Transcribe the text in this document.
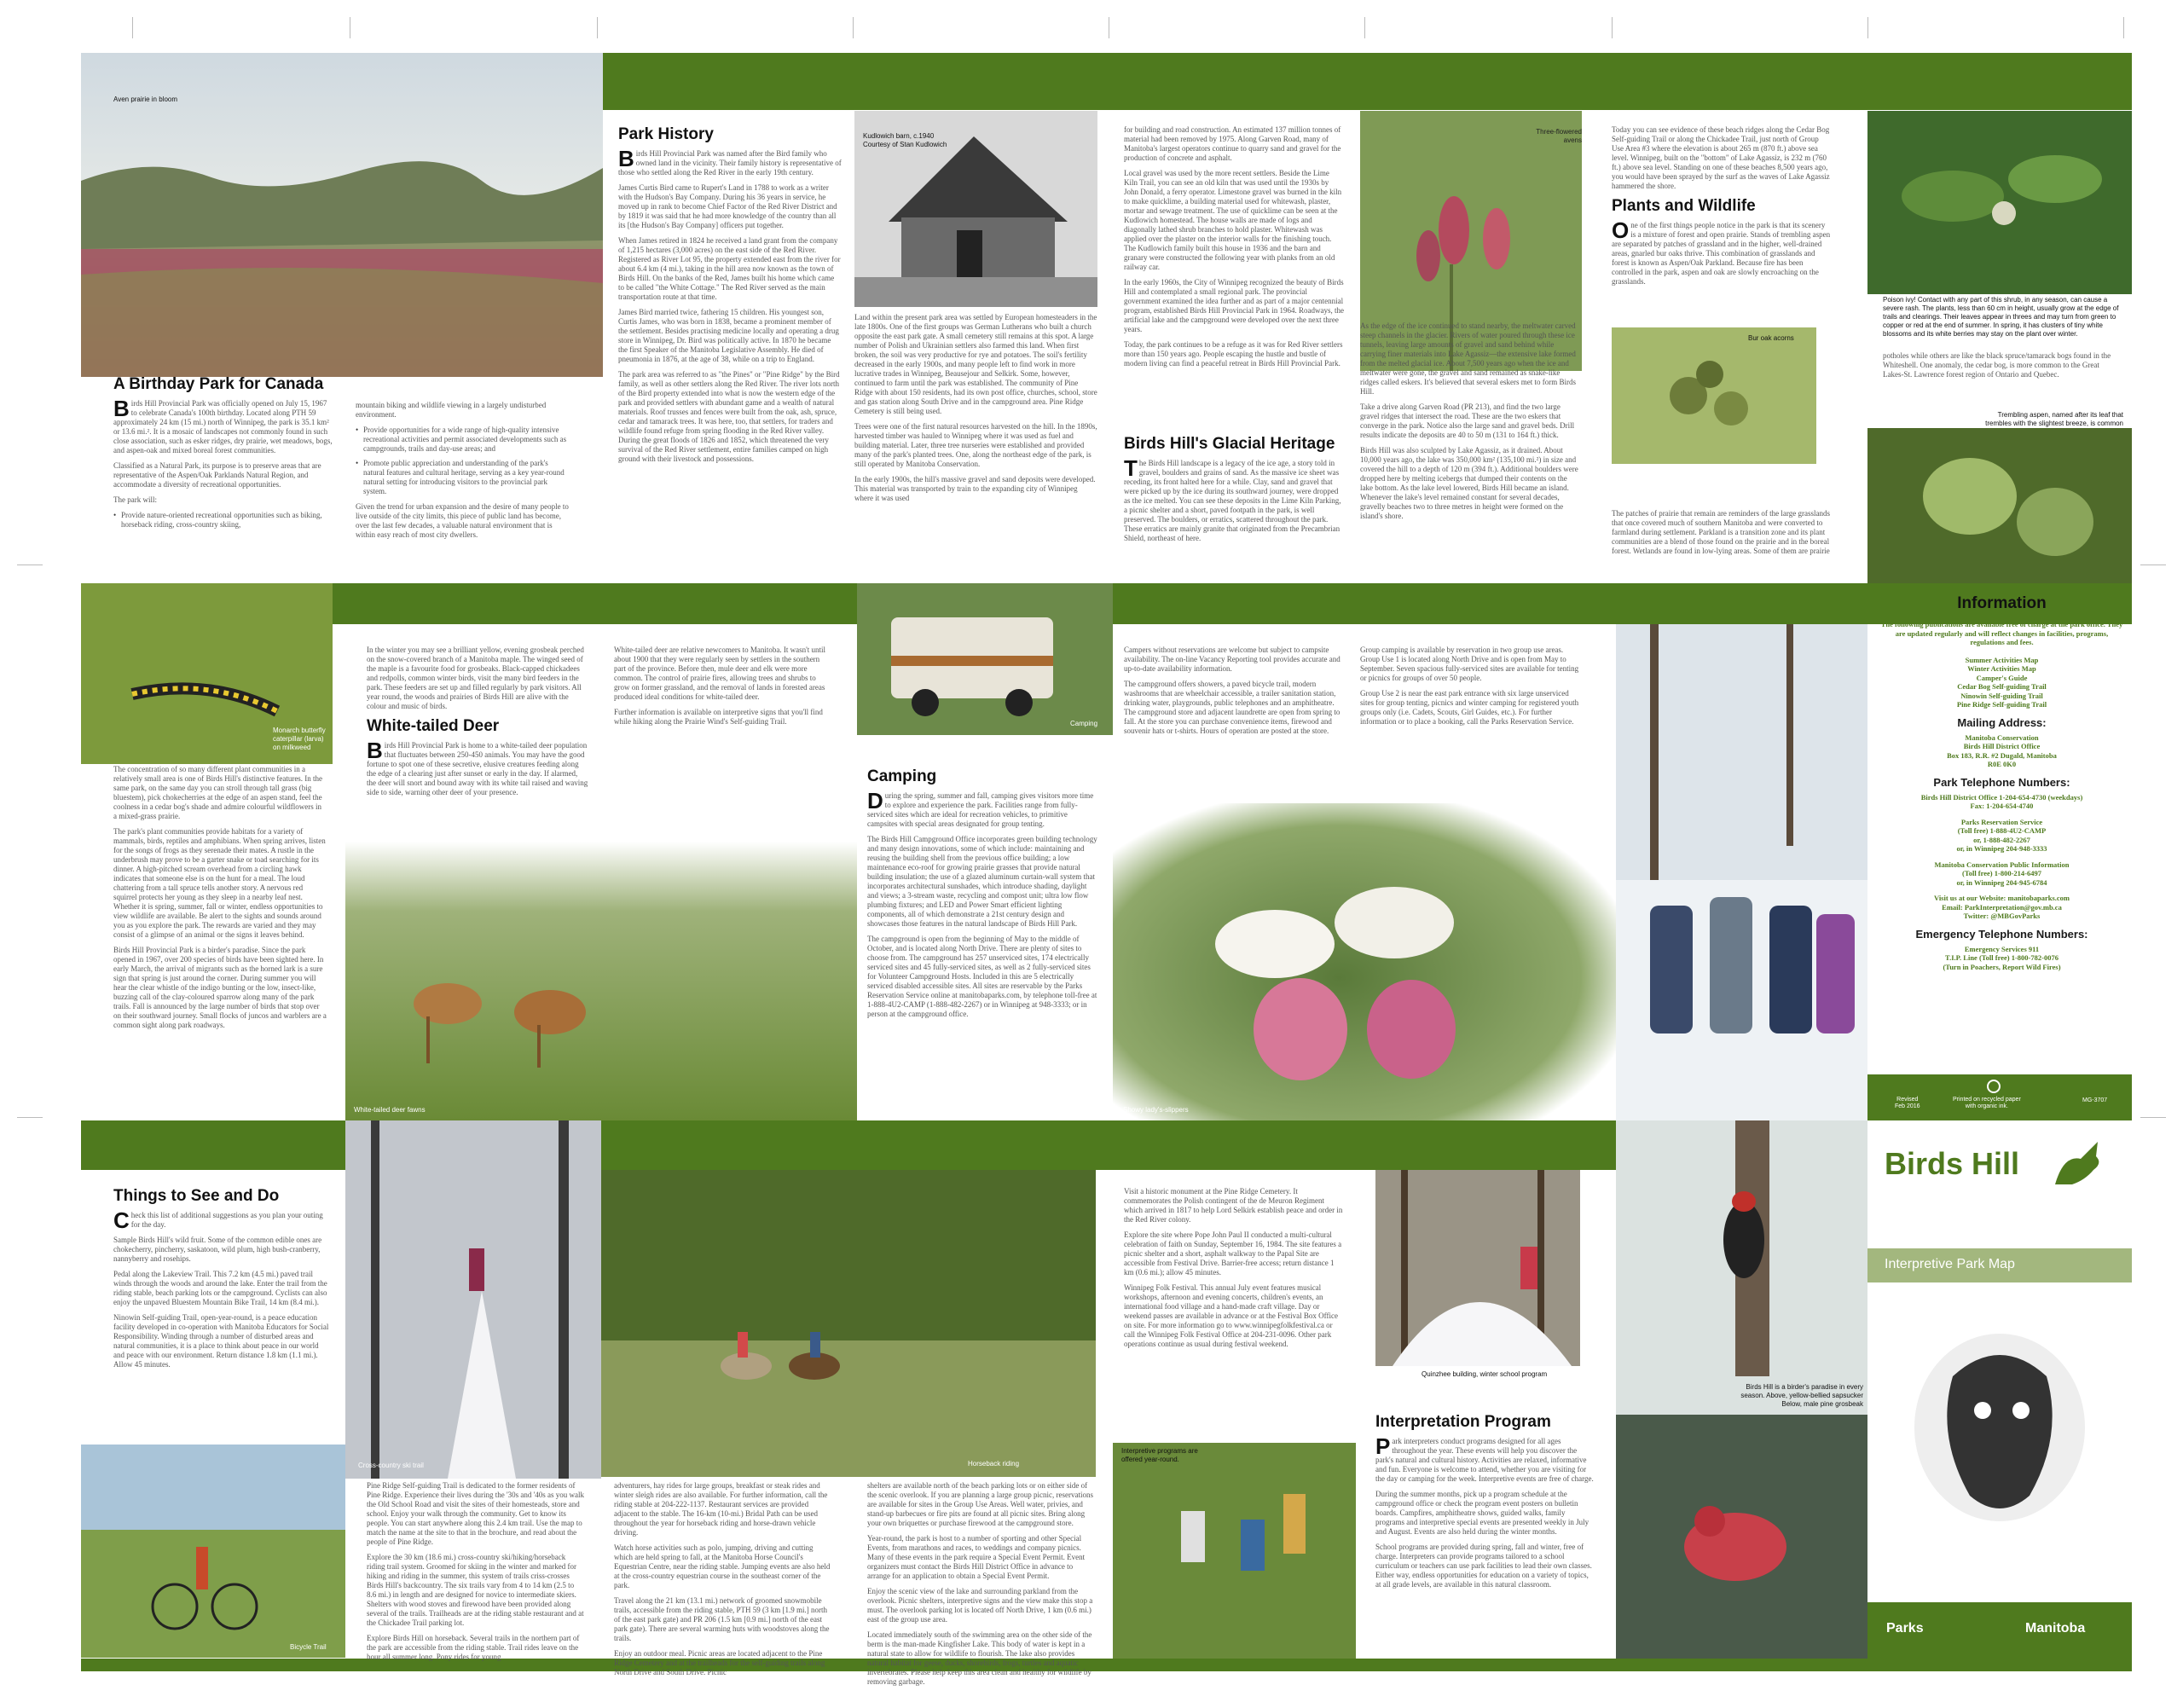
Aven prairie in bloom
A Birthday Park for Canada

Birds Hill Provincial Park was officially opened on July 15, 1967 to celebrate Canada's 100th birthday. Located along PTH 59 approximately 24 km (15 mi.) north of Winnipeg, the park is 35.1 km² or 13.6 mi.². It is a mosaic of landscapes not commonly found in such close association, such as esker ridges, dry prairie, wet meadows, bogs, and aspen-oak and mixed boreal forest communities.

Classified as a Natural Park, its purpose is to preserve areas that are representative of the Aspen/Oak Parklands Natural Region, and accommodate a diversity of recreational opportunities.

The park will:

• Provide nature-oriented recreational opportunities such as biking, horseback riding, cross-country skiing,

mountain biking and wildlife viewing in a largely undisturbed environment.

• Provide opportunities for a wide range of high-quality intensive recreational activities and permit associated developments such as campgrounds, trails and day-use areas; and
• Promote public appreciation and understanding of the park's natural features and cultural heritage, serving as a key year-round natural setting for introducing visitors to the provincial park system.

Given the trend for urban expansion and the desire of many people to live outside of the city limits, this piece of public land has become, over the last few decades, a valuable natural environment that is within easy reach of most city dwellers.

Park History

Birds Hill Provincial Park was named after the Bird family who owned land in the vicinity. Their family history is representative of those who settled along the Red River in the early 19th century.

James Curtis Bird came to Rupert's Land in 1788 to work as a writer with the Hudson's Bay Company. During his 36 years in service, he moved up in rank to become Chief Factor of the Red River District and by 1819 it was said that he had more knowledge of the country than all its [the Hudson's Bay Company] officers put together.

When James retired in 1824 he received a land grant from the company of 1,215 hectares (3,000 acres) on the east side of the Red River. Registered as River Lot 95, the property extended east from the river for about 6.4 km (4 mi.), taking in the hill area now known as the town of Birds Hill. On the banks of the Red, James built his home which came to be called "the White Cottage." The Red River served as the main transportation route at that time.

James Bird married twice, fathering 15 children. His youngest son, Curtis James, who was born in 1838, became a prominent member of the settlement. Besides practising medicine locally and operating a drug store in Winnipeg, Dr. Bird was politically active. In 1870 he became the first Speaker of the Manitoba Legislative Assembly. He died of pneumonia in 1876, at the age of 38, while on a trip to England.

The park area was referred to as "the Pines" or "Pine Ridge" by the Bird family, as well as other settlers along the Red River. The river lots north of the Bird property extended into what is now the western edge of the park and provided settlers with abundant game and a wealth of natural materials. Roof trusses and fences were built from the oak, ash, spruce, cedar and tamarack trees. It was here, too, that settlers, for traders and wildlife found refuge from spring flooding in the Red River valley. During the great floods of 1826 and 1852, which threatened the very survival of the Red River settlement, entire families camped on high ground with their livestock and possessions.

Kudlowich barn, c.1940
Courtesy of Stan Kudlowich

Land within the present park area was settled by European homesteaders in the late 1800s. One of the first groups was German Lutherans who built a church opposite the east park gate. A small cemetery still remains at this spot. A large number of Polish and Ukrainian settlers also farmed this land. When first broken, the soil was very productive for rye and potatoes. The soil's fertility decreased in the early 1900s, and many people left to find work in more lucrative trades in Winnipeg, Beausejour and Selkirk. Some, however, continued to farm until the park was established. The community of Pine Ridge with about 150 residents, had its own post office, churches, school, store and gas station along South Drive and in the campground area. Pine Ridge Cemetery is still being used.

Trees were one of the first natural resources harvested on the hill. In the 1890s, harvested timber was hauled to Winnipeg where it was used as fuel and building material. Later, three tree nurseries were established and provided many of the park's planted trees. One, along the northeast edge of the park, is still operated by Manitoba Conservation.

In the early 1900s, the hill's massive gravel and sand deposits were developed. This material was transported by train to the expanding city of Winnipeg where it was used

for building and road construction. An estimated 137 million tonnes of material had been removed by 1975. Along Garven Road, many of Manitoba's largest operators continue to quarry sand and gravel for the production of concrete and asphalt.

Local gravel was used by the more recent settlers. Beside the Lime Kiln Trail, you can see an old kiln that was used until the 1930s by John Donald, a ferry operator. Limestone gravel was burned in the kiln to make quicklime, a building material used for whitewash, plaster, mortar and sewage treatment. The use of quicklime can be seen at the Kudlowich homestead. The house walls are made of logs and diagonally lathed shrub branches to hold plaster. Whitewash was applied over the plaster on the interior walls for the finishing touch. The Kudlowich family built this house in 1936 and the barn and granary were constructed the following year with planks from an old railway car.

In the early 1960s, the City of Winnipeg recognized the beauty of Birds Hill and contemplated a small regional park. The provincial government examined the idea further and as part of a major centennial program, established Birds Hill Provincial Park in 1964. Roadways, the artificial lake and the campground were developed over the next three years.

Today, the park continues to be a refuge as it was for Red River settlers more than 150 years ago. People escaping the hustle and bustle of modern living can find a peaceful retreat in Birds Hill Provincial Park.

Birds Hill's Glacial Heritage

The Birds Hill landscape is a legacy of the ice age, a story told in gravel, boulders and grains of sand. As the massive ice sheet was receding, its front halted here for a while. Clay, sand and gravel that were picked up by the ice during its southward journey, were dropped as the ice melted. You can see these deposits in the Lime Kiln Parking, a picnic shelter and a short, paved footpath in the park, is well preserved. The boulders, or erratics, scattered throughout the park. These erratics are mainly granite that originated from the Precambrian Shield, northeast of here.

Three-flowered avens

As the edge of the ice continued to stand nearby, the meltwater carved steep channels in the glacier. Rivers of water poured through these ice tunnels, leaving large amounts of gravel and sand behind while carrying finer materials into Lake Agassiz—the extensive lake formed from the melted glacial ice. About 7,500 years ago when the ice and meltwater were gone, the gravel and sand remained as snake-like ridges called eskers. It's believed that several eskers met to form Birds Hill.

Take a drive along Garven Road (PR 213), and find the two large gravel ridges that intersect the road. These are the two eskers that converge in the park. Notice also the large sand and gravel beds. Drill results indicate the deposits are 40 to 50 m (131 to 164 ft.) thick.

Birds Hill was also sculpted by Lake Agassiz, as it drained. About 10,000 years ago, the lake was 350,000 km² (135,100 mi.²) in size and covered the hill to a depth of 120 m (394 ft.). Additional boulders were dropped here by melting icebergs that dumped their contents on the lake bottom. As the lake level lowered, Birds Hill became an island. Whenever the lake's level remained constant for several decades, gravelly beaches two to three metres in height were formed on the island's shore.

Today you can see evidence of these beach ridges along the Cedar Bog Self-guiding Trail or along the Chickadee Trail, just north of Group Use Area #3 where the elevation is about 265 m (870 ft.) above sea level. Winnipeg, built on the "bottom" of Lake Agassiz, is 232 m (760 ft.) above sea level. Standing on one of these beaches 8,500 years ago, you would have been sprayed by the surf as the waves of Lake Agassiz hammered the shore.

Plants and Wildlife

One of the first things people notice in the park is that its scenery is a mixture of forest and open prairie. Stands of trembling aspen are separated by patches of grassland and in the higher, well-drained areas, gnarled bur oaks thrive. This combination of grasslands and forest is known as Aspen/Oak Parkland. Because fire has been controlled in the park, aspen and oak are slowly encroaching on the grasslands.

Bur oak acorns

The patches of prairie that remain are reminders of the large grasslands that once covered much of southern Manitoba and were converted to farmland during settlement. Parkland is a transition zone and its plant communities are a blend of those found on the prairie and in the boreal forest. Wetlands are found in low-lying areas. Some of them are prairie

Poison ivy! Contact with any part of this shrub, in any season, can cause a severe rash. The plants, less than 60 cm in height, usually grow at the edge of trails and clearings. Their leaves appear in threes and may turn from green to copper or red at the end of summer. In spring, it has clusters of tiny white blossoms and its white berries may stay on the plant over winter.

potholes while others are like the black spruce/tamarack bogs found in the Whiteshell. One anomaly, the cedar bog, is more common to the Great Lakes-St. Lawrence forest region of Ontario and Quebec.

Trembling aspen, named after its leaf that trembles with the slightest breeze, is common
Monarch butterfly caterpillar (larva) on milkweed

The concentration of so many different plant communities in a relatively small area is one of Birds Hill's distinctive features. In the same park, on the same day you can stroll through tall grass (big bluestem), pick chokecherries at the edge of an aspen stand, feel the coolness in a cedar bog's shade and admire colourful wildflowers in a mixed-grass prairie.

The park's plant communities provide habitats for a variety of mammals, birds, reptiles and amphibians. When spring arrives, listen for the songs of frogs as they serenade their mates. A rustle in the underbrush may prove to be a garter snake or toad searching for its dinner. A high-pitched scream overhead from a circling hawk indicates that someone else is on the hunt for a meal. The loud chattering from a tall spruce tells another story. A nervous red squirrel protects her young as they sleep in a nearby leaf nest. Whether it is spring, summer, fall or winter, endless opportunities to view wildlife are available. Be alert to the sights and sounds around you as you explore the park. The rewards are varied and they may consist of a glimpse of an animal or the signs it leaves behind.

Birds Hill Provincial Park is a birder's paradise. Since the park opened in 1967, over 200 species of birds have been sighted here. In early March, the arrival of migrants such as the horned lark is a sure sign that spring is just around the corner. During summer you will hear the clear whistle of the indigo bunting or the low, insect-like, buzzing call of the clay-coloured sparrow along many of the park trails. Fall is announced by the large number of birds that stop over on their southward journey. Small flocks of juncos and warblers are a common sight along park roadways.

In the winter you may see a brilliant yellow, evening grosbeak perched on the snow-covered branch of a Manitoba maple. The winged seed of the maple is a favourite food for grosbeaks. Black-capped chickadees and redpolls, common winter birds, visit the many bird feeders in the park. These feeders are set up and filled regularly by park visitors. All year round, the woods and prairies of Birds Hill are alive with the colour and music of birds.

White-tailed Deer

Birds Hill Provincial Park is home to a white-tailed deer population that fluctuates between 250-450 animals. You may have the good fortune to spot one of these secretive, elusive creatures feeding along the edge of a clearing just after sunset or early in the day. If alarmed, the deer will snort and bound away with its white tail raised and waving side to side, warning other deer of your presence.

White-tailed deer are relative newcomers to Manitoba. It wasn't until about 1900 that they were regularly seen by settlers in the southern part of the province. Before then, mule deer and elk were more common. The control of prairie fires, allowing trees and shrubs to grow on former grassland, and the removal of lands in forested areas produced ideal conditions for white-tailed deer.

Further information is available on interpretive signs that you'll find while hiking along the Prairie Wind's Self-guiding Trail.

White-tailed deer fawns
Camping
Camping

During the spring, summer and fall, camping gives visitors more time to explore and experience the park. Facilities range from fully-serviced sites which are ideal for recreation vehicles, to primitive campsites with special areas designated for group tenting.

The Birds Hill Campground Office incorporates green building technology and many design innovations, some of which include: maintaining and reusing the building shell from the previous office building; a low maintenance eco-roof for growing prairie grasses that provide natural building insulation; the use of a glazed aluminum curtain-wall system that incorporates architectural sunshades, which introduce shading, daylight and views; a 3-stream waste, recycling and compost unit; ultra low flow plumbing fixtures; and LED and Power Smart efficient lighting components, all of which demonstrate a 21st century design and showcases those features in the natural landscape of Birds Hill Park.

The campground is open from the beginning of May to the middle of October, and is located along North Drive. There are plenty of sites to choose from. The campground has 257 unserviced sites, 174 electrically serviced sites and 45 fully-serviced sites, as well as 2 fully-serviced sites for Volunteer Campground Hosts. Included in this are 5 electrically serviced disabled accessible sites. All sites are reservable by the Parks Reservation Service online at manitobaparks.com, by telephone toll-free at 1-888-4U2-CAMP (1-888-482-2267) or in Winnipeg at 948-3333; or in person at the campground office.

Campers without reservations are welcome but subject to campsite availability. The on-line Vacancy Reporting tool provides accurate and up-to-date availability information.

The campground offers showers, a paved bicycle trail, modern washrooms that are wheelchair accessible, a trailer sanitation station, drinking water, playgrounds, public telephones and an amphitheatre. The campground store and adjacent laundrette are open from spring to fall. At the store you can purchase convenience items, firewood and souvenir hats or t-shirts. Hours of operation are posted at the store.

Group camping is available by reservation in two group use areas. Group Use 1 is located along North Drive and is open from May to September. Seven spacious fully-serviced sites are available for tenting or picnics for groups of over 50 people.

Group Use 2 is near the east park entrance with six large unserviced sites for group tenting, picnics and winter camping for registered youth groups only (i.e. Cadets, Scouts, Girl Guides, etc.). For further information or to place a booking, call the Parks Reservation Service.

Showy lady's-slippers
Information

The following publications are available free of charge at the park office. They are updated regularly and will reflect changes in facilities, programs, regulations and fees.

Summer Activities Map

Winter Activities Map

Camper's Guide

Cedar Bog Self-guiding Trail

Ninowin Self-guiding Trail

Pine Ridge Self-guiding Trail

Mailing Address:

Manitoba Conservation

Birds Hill District Office

Box 183, R.R. #2 Dugald, Manitoba

R0E 0K0

Park Telephone Numbers:

Birds Hill District Office 1-204-654-4730 (weekdays)

Fax: 1-204-654-4740

Parks Reservation Service

(Toll free) 1-888-4U2-CAMP

or, 1-888-482-2267

or, in Winnipeg 204-948-3333

Manitoba Conservation Public Information

(Toll free) 1-800-214-6497

or, in Winnipeg 204-945-6784

Visit us at our Website: manitobaparks.com

Email: ParkInterpretation@gov.mb.ca

Twitter: @MBGovParks

Emergency Telephone Numbers:

Emergency Services 911

T.I.P. Line (Toll free) 1-800-782-0076

(Turn in Poachers, Report Wild Fires)

Revised
Feb 2016
Printed on recycled paper
with organic ink.
MG-3707
Things to See and Do

Check this list of additional suggestions as you plan your outing for the day.

Sample Birds Hill's wild fruit. Some of the common edible ones are chokecherry, pincherry, saskatoon, wild plum, high bush-cranberry, nannyberry and rosehips.

Pedal along the Lakeview Trail. This 7.2 km (4.5 mi.) paved trail winds through the woods and around the lake. Enter the trail from the riding stable, beach parking lots or the campground. Cyclists can also enjoy the unpaved Bluestem Mountain Bike Trail, 14 km (8.4 mi.).

Ninowin Self-guiding Trail, open-year-round, is a peace education facility developed in co-operation with Manitoba Educators for Social Responsibility. Winding through a number of disturbed areas and natural communities, it is a place to think about peace in our world and peace with our environment. Return distance 1.8 km (1.1 mi.). Allow 45 minutes.

Bicycle Trail
Cross-country ski trail

Pine Ridge Self-guiding Trail is dedicated to the former residents of Pine Ridge. Experience their lives during the '30s and '40s as you walk the Old School Road and visit the sites of their homesteads, store and school. Enjoy your walk through the community. Get to know its people. You can start anywhere along this 2.4 km trail. Use the map to match the name at the site to that in the brochure, and read about the people of Pine Ridge.

Explore the 30 km (18.6 mi.) cross-country ski/hiking/horseback riding trail system. Groomed for skiing in the winter and marked for hiking and riding in the summer, this system of trails criss-crosses Birds Hill's backcountry. The six trails vary from 4 to 14 km (2.5 to 8.6 mi.) in length and are designed for novice to intermediate skiers. Shelters with wood stoves and firewood have been provided along several of the trails. Trailheads are at the riding stable restaurant and at the Chickadee Trail parking lot.

Explore Birds Hill on horseback. Several trails in the northern part of the park are accessible from the riding stable. Trail rides leave on the hour all summer long. Pony rides for young

adventurers, hay rides for large groups, breakfast or steak rides and winter sleigh rides are also available. For further information, call the riding stable at 204-222-1137. Restaurant services are provided adjacent to the stable. The 16-km (10-mi.) Bridal Path can be used throughout the year for horseback riding and horse-drawn vehicle driving.

Watch horse activities such as polo, jumping, driving and cutting which are held spring to fall, at the Manitoba Horse Council's Equestrian Centre, near the riding stable. Jumping events are also held at the cross-country equestrian course in the southeast corner of the park.

Travel along the 21 km (13.1 mi.) network of groomed snowmobile trails, accessible from the riding stable, PTH 59 (3 km [1.9 mi.] north of the east park gate) and PR 206 (1.5 km [0.9 mi.] north of the east park gate). There are several warming huts with woodstoves along the trails.

Enjoy an outdoor meal. Picnic areas are located adjacent to the Pine Ridge Cemetery and at the trailheads for the self-guiding trails along North Drive and South Drive. Picnic

Horseback riding

shelters are available north of the beach parking lots or on either side of the scenic overlook. If you are planning a large group picnic, reservations are available for sites in the Group Use Areas. Well water, privies, and stand-up barbecues or fire pits are found at all picnic sites. Bring along your own briquettes or purchase firewood at the campground store.

Year-round, the park is host to a number of sporting and other Special Events, from marathons and races, to weddings and company picnics. Many of these events in the park require a Special Event Permit. Event organizers must contact the Birds Hill District Office in advance to arrange for an application to obtain a Special Event Permit.

Enjoy the scenic view of the lake and surrounding parkland from the overlook. Picnic shelters, interpretive signs and the view make this stop a must. The overlook parking lot is located off North Drive, 1 km (0.6 mi.) east of the group use area.

Located immediately south of the swimming area on the other side of the berm is the man-made Kingfisher Lake. This body of water is kept in a natural state to allow for wildlife to flourish. The lake also provides natural habitat for geese, ducks, shorebirds, frogs, turtles and aquatic invertebrates. Please help keep this area clean and healthy for wildlife by removing garbage.

Visit a historic monument at the Pine Ridge Cemetery. It commemorates the Polish contingent of the de Meuron Regiment which arrived in 1817 to help Lord Selkirk establish peace and order in the Red River colony.

Explore the site where Pope John Paul II conducted a multi-cultural celebration of faith on Sunday, September 16, 1984. The site features a picnic shelter and a short, asphalt walkway to the Papal Site are accessible from Festival Drive. Barrier-free access; return distance 1 km (0.6 mi.); allow 45 minutes.

Winnipeg Folk Festival. This annual July event features musical workshops, afternoon and evening concerts, children's events, an international food village and a hand-made craft village. Day or weekend passes are available in advance or at the Festival Box Office on site. For more information go to www.winnipegfolkfestival.ca or call the Winnipeg Folk Festival Office at 204-231-0096. Other park operations continue as usual during festival weekend.

Interpretive programs are offered year-round.
Quinzhee building, winter school program
Interpretation Program

Park interpreters conduct programs designed for all ages throughout the year. These events will help you discover the park's natural and cultural history. Activities are relaxed, informative and fun. Everyone is welcome to attend, whether you are visiting for the day or camping for the week. Interpretive events are free of charge.

During the summer months, pick up a program schedule at the campground office or check the program event posters on bulletin boards. Campfires, amphitheatre shows, guided walks, family programs and interpretive special events are presented weekly in July and August. Events are also held during the winter months.

School programs are provided during spring, fall and winter, free of charge. Interpreters can provide programs tailored to a school curriculum or teachers can use park facilities to lead their own classes. Either way, endless opportunities for education on a variety of topics, at all grade levels, are available in this natural classroom.

Birds Hill is a birder's paradise in every season. Above, yellow-bellied sapsucker Below, male pine grosbeak
Birds Hill
Interpretive Park Map
Parks	Manitoba
